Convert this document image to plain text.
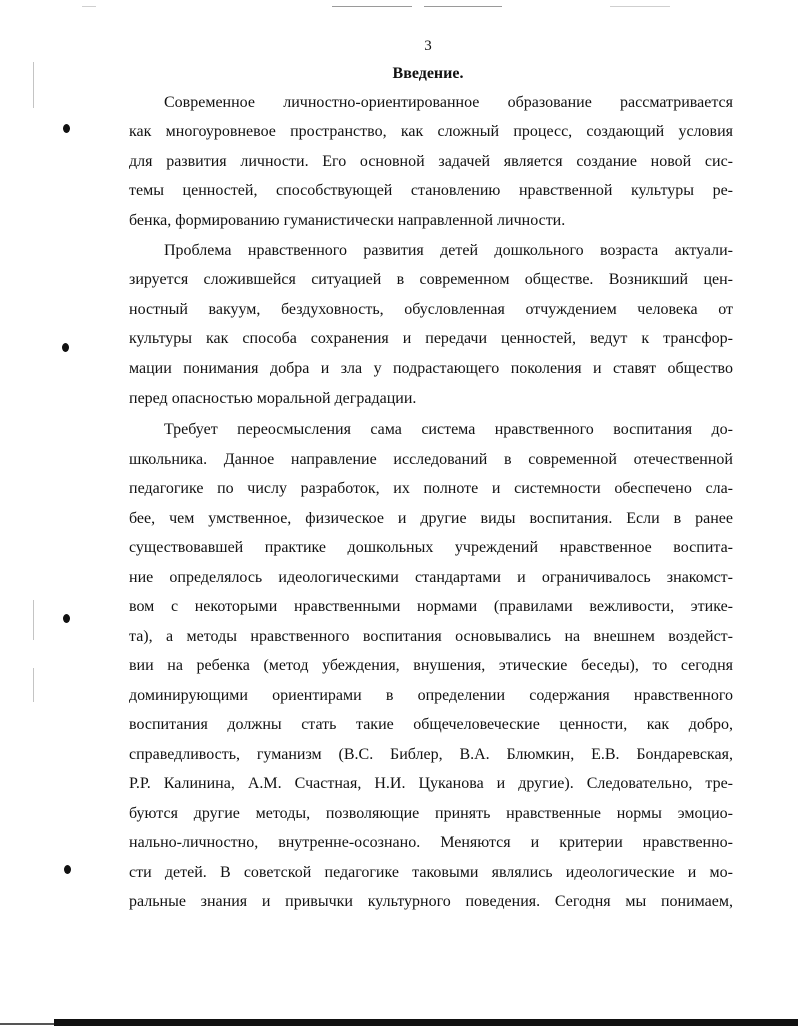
3
Введение.
Современное личностно-ориентированное образование рассматривается
как многоуровневое пространство, как сложный процесс, создающий условия
для развития личности. Его основной задачей является создание новой сис-
темы ценностей, способствующей становлению нравственной культуры ре-
бенка, формированию гуманистически направленной личности.
Проблема нравственного развития детей дошкольного возраста актуали-
зируется сложившейся ситуацией в современном обществе. Возникший цен-
ностный вакуум, бездуховность, обусловленная отчуждением человека от
культуры как способа сохранения и передачи ценностей, ведут к трансфор-
мации понимания добра и зла у подрастающего поколения и ставят общество
перед опасностью моральной деградации.
Требует переосмысления сама система нравственного воспитания до-
школьника. Данное направление исследований в современной отечественной
педагогике по числу разработок, их полноте и системности обеспечено сла-
бее, чем умственное, физическое и другие виды воспитания. Если в ранее
существовавшей практике дошкольных учреждений нравственное воспита-
ние определялось идеологическими стандартами и ограничивалось знакомст-
вом с некоторыми нравственными нормами (правилами вежливости, этике-
та), а методы нравственного воспитания основывались на внешнем воздейст-
вии на ребенка (метод убеждения, внушения, этические беседы), то сегодня
доминирующими ориентирами в определении содержания нравственного
воспитания должны стать такие общечеловеческие ценности, как добро,
справедливость, гуманизм (В.С. Библер, В.А. Блюмкин, Е.В. Бондаревская,
Р.Р. Калинина, А.М. Счастная, Н.И. Цуканова и другие). Следовательно, тре-
буются другие методы, позволяющие принять нравственные нормы эмоцио-
нально-личностно, внутренне-осознано. Меняются и критерии нравственно-
сти детей. В советской педагогике таковыми являлись идеологические и мо-
ральные знания и привычки культурного поведения. Сегодня мы понимаем,
